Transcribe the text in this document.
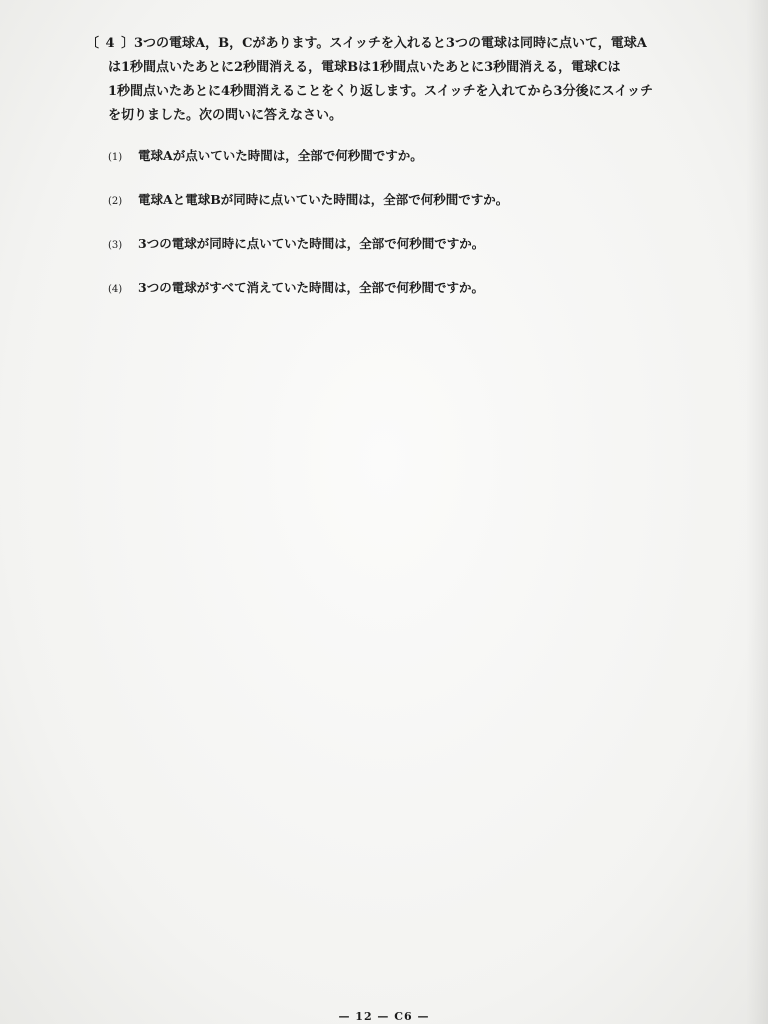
〔 4 〕
3つの電球A，B，Cがあります。スイッチを入れると3つの電球は同時に点いて，電球A
は1秒間点いたあとに2秒間消える，電球Bは1秒間点いたあとに3秒間消える，電球Cは
1秒間点いたあとに4秒間消えることをくり返します。スイッチを入れてから3分後にスイッチ
を切りました。次の問いに答えなさい。
(1)	電球Aが点いていた時間は，全部で何秒間ですか。
(2)	電球Aと電球Bが同時に点いていた時間は，全部で何秒間ですか。
(3)	3つの電球が同時に点いていた時間は，全部で何秒間ですか。
(4)	3つの電球がすべて消えていた時間は，全部で何秒間ですか。
— 12 — C6 —
